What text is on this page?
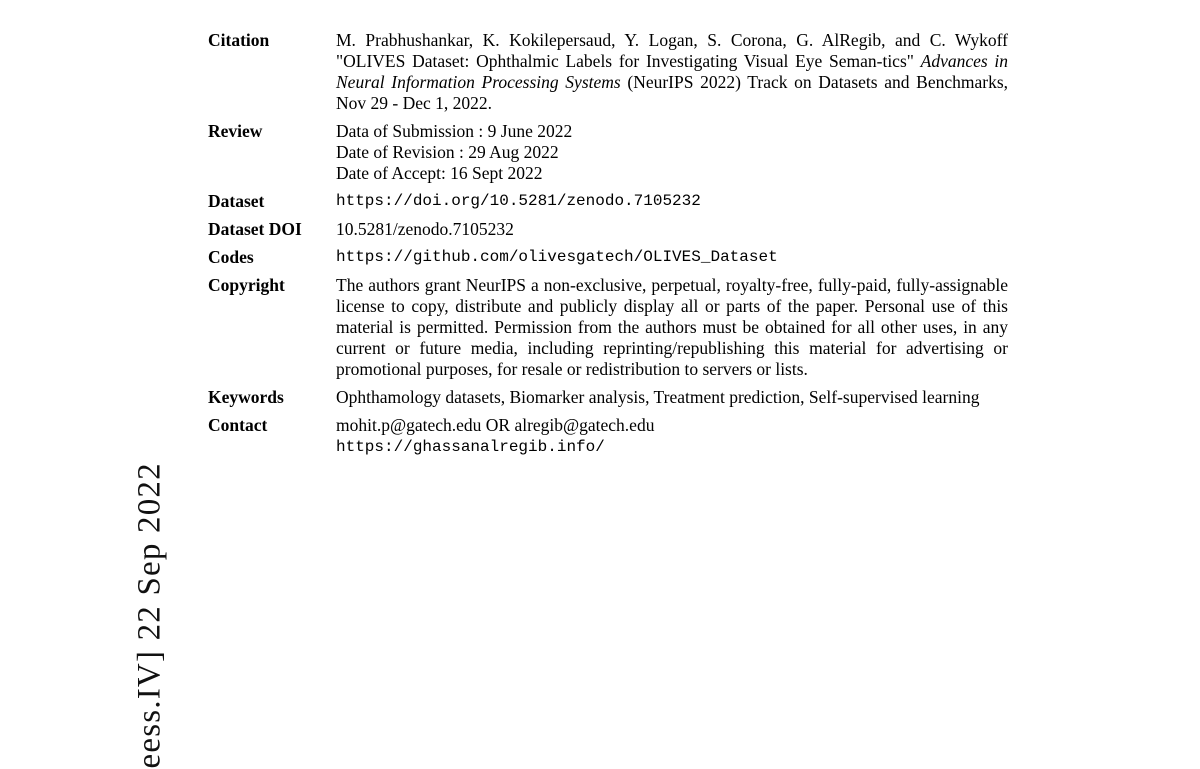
eess.IV] 22 Sep 2022
Citation	M. Prabhushankar, K. Kokilepersaud, Y. Logan, S. Corona, G. AlRegib, and C. Wykoff "OLIVES Dataset: Ophthalmic Labels for Investigating Visual Eye Seman-tics" Advances in Neural Information Processing Systems (NeurIPS 2022) Track on Datasets and Benchmarks, Nov 29 - Dec 1, 2022.
Review	Data of Submission : 9 June 2022
Date of Revision : 29 Aug 2022
Date of Accept: 16 Sept 2022
Dataset	https://doi.org/10.5281/zenodo.7105232
Dataset DOI	10.5281/zenodo.7105232
Codes	https://github.com/olivesgatech/OLIVES_Dataset
Copyright	The authors grant NeurIPS a non-exclusive, perpetual, royalty-free, fully-paid, fully-assignable license to copy, distribute and publicly display all or parts of the paper. Personal use of this material is permitted. Permission from the authors must be obtained for all other uses, in any current or future media, including reprinting/republishing this material for advertising or promotional purposes, for resale or redistribution to servers or lists.
Keywords	Ophthamology datasets, Biomarker analysis, Treatment prediction, Self-supervised learning
Contact	mohit.p@gatech.edu OR alregib@gatech.edu
https://ghassanalregib.info/
